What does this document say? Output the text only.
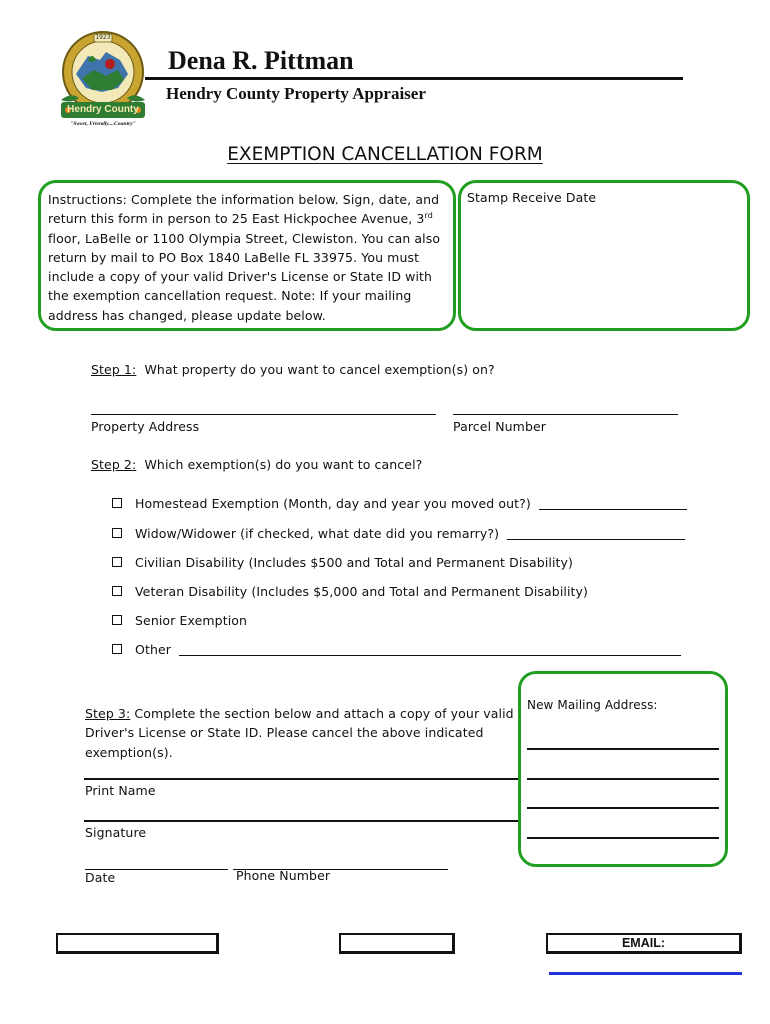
1923
Hendry County
"Sweet, Friendly....Country"
Dena R. Pittman
Hendry County Property Appraiser
EXEMPTION CANCELLATION FORM
Instructions: Complete the information below. Sign, date, and return this form in person to 25 East Hickpochee Avenue, 3rd floor, LaBelle or 1100 Olympia Street, Clewiston. You can also return by mail to PO Box 1840 LaBelle FL 33975. You must include a copy of your valid Driver's License or State ID with the exemption cancellation request. Note: If your mailing address has changed, please update below.
Stamp Receive Date
Step 1:  What property do you want to cancel exemption(s) on?
Property Address	Parcel Number
Step 2:  Which exemption(s) do you want to cancel?
Homestead Exemption (Month, day and year you moved out?)
Widow/Widower (if checked, what date did you remarry?)
Civilian Disability (Includes $500 and Total and Permanent Disability)
Veteran Disability (Includes $5,000 and Total and Permanent Disability)
Senior Exemption
Other
Step 3: Complete the section below and attach a copy of your valid Driver's License or State ID. Please cancel the above indicated exemption(s).
Print Name
Signature
Date	Phone Number
New Mailing Address:
EMAIL:
